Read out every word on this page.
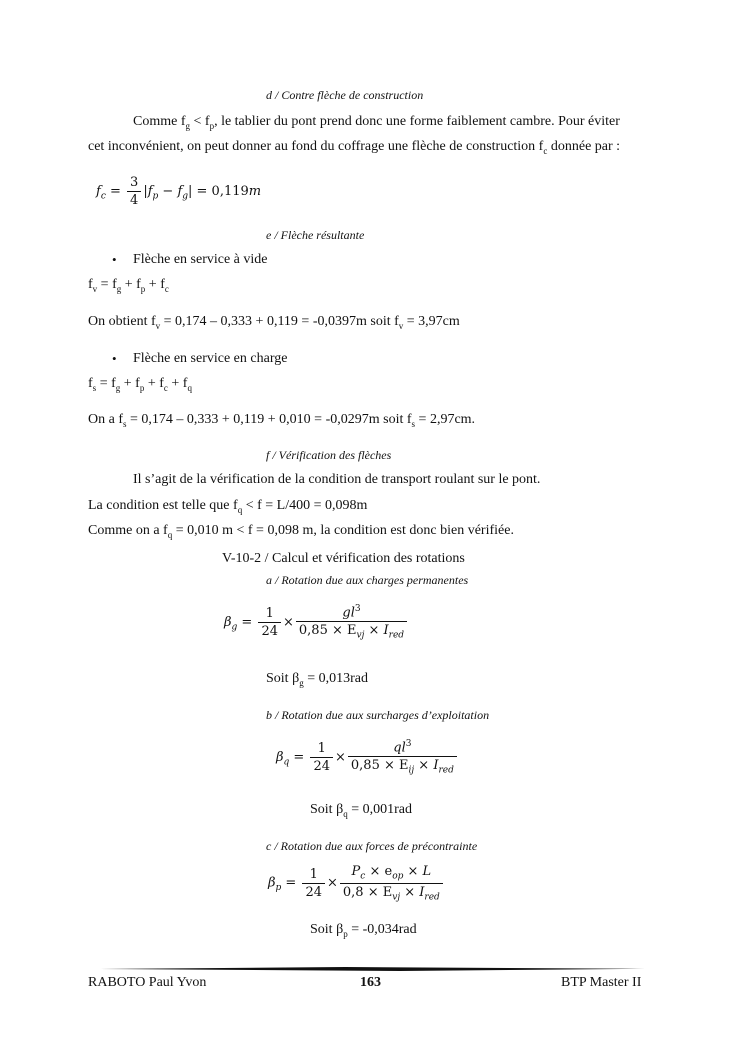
d / Contre flèche de construction
Comme $f_g < f_p$, le tablier du pont prend donc une forme faiblement cambre. Pour éviter
cet inconvénient, on peut donner au fond du coffrage une flèche de construction $f_c$ donnée par :
$f_c = \frac{3}{4} |f_p - f_g| = 0,119m$
e / Flèche résultante
• Flèche en service à vide
$f_v = f_g + f_p + f_c$
On obtient $f_v = 0,174 - 0,333 + 0,119 = -0,0397m$ soit $f_v = 3,97cm$
• Flèche en service en charge
$f_s = f_g + f_p + f_c + f_q$
On a $f_s = 0,174 - 0,333 + 0,119 + 0,010 = -0,0297m$ soit $f_s = 2,97cm$.
f / Vérification des flèches
Il s’agit de la vérification de la condition de transport roulant sur le pont.
La condition est telle que $f_q < f = L/400 = 0,098m$
Comme on a $f_q = 0,010$ m < f = 0,098 m, la condition est donc bien vérifiée.
V-10-2 / Calcul et vérification des rotations
a / Rotation due aux charges permanentes
$\beta_g = \frac{1}{24} \times \frac{gl^3}{0,85 \times E_{vj} \times I_{red}}$
Soit $\beta_g = 0,013rad$
b / Rotation due aux surcharges d’exploitation
$\beta_q = \frac{1}{24} \times \frac{ql^3}{0,85 \times E_{ij} \times I_{red}}$
Soit $\beta_q = 0,001rad$
c / Rotation due aux forces de précontrainte
$\beta_p = \frac{1}{24} \times \frac{P_c \times e_{op} \times L}{0,8 \times E_{vj} \times I_{red}}$
Soit $\beta_p = -0,034rad$
RABOTO Paul Yvon	163	BTP Master II
